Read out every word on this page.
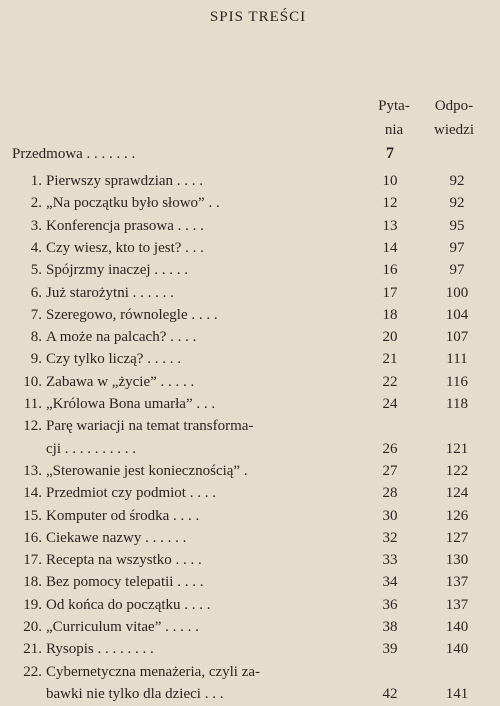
SPIS TREŚCI
Pyta-
nia
Odpo-
wiedzi
Przedmowa . . . . . . .	7
1. Pierwszy sprawdzian . . . .	10	92
2. „Na początku było słowo” . .	12	92
3. Konferencja prasowa . . . .	13	95
4. Czy wiesz, kto to jest? . . .	14	97
5. Spójrzmy inaczej . . . . .	16	97
6. Już starożytni . . . . . .	17	100
7. Szeregowo, równolegle . . . .	18	104
8. A może na palcach? . . . .	20	107
9. Czy tylko liczą? . . . . .	21	111
10. Zabawa w „życie” . . . . .	22	116
11. „Królowa Bona umarła” . . .	24	118
12. Parę wariacji na temat transforma-
cji . . . . . . . . . .	26	121
13. „Sterowanie jest koniecznością” .	27	122
14. Przedmiot czy podmiot . . . .	28	124
15. Komputer od środka . . . .	30	126
16. Ciekawe nazwy . . . . . .	32	127
17. Recepta na wszystko . . . .	33	130
18. Bez pomocy telepatii . . . .	34	137
19. Od końca do początku . . . .	36	137
20. „Curriculum vitae” . . . . .	38	140
21. Rysopis . . . . . . . .	39	140
22. Cybernetyczna menażeria, czyli za-
bawki nie tylko dla dzieci . . .	42	141
